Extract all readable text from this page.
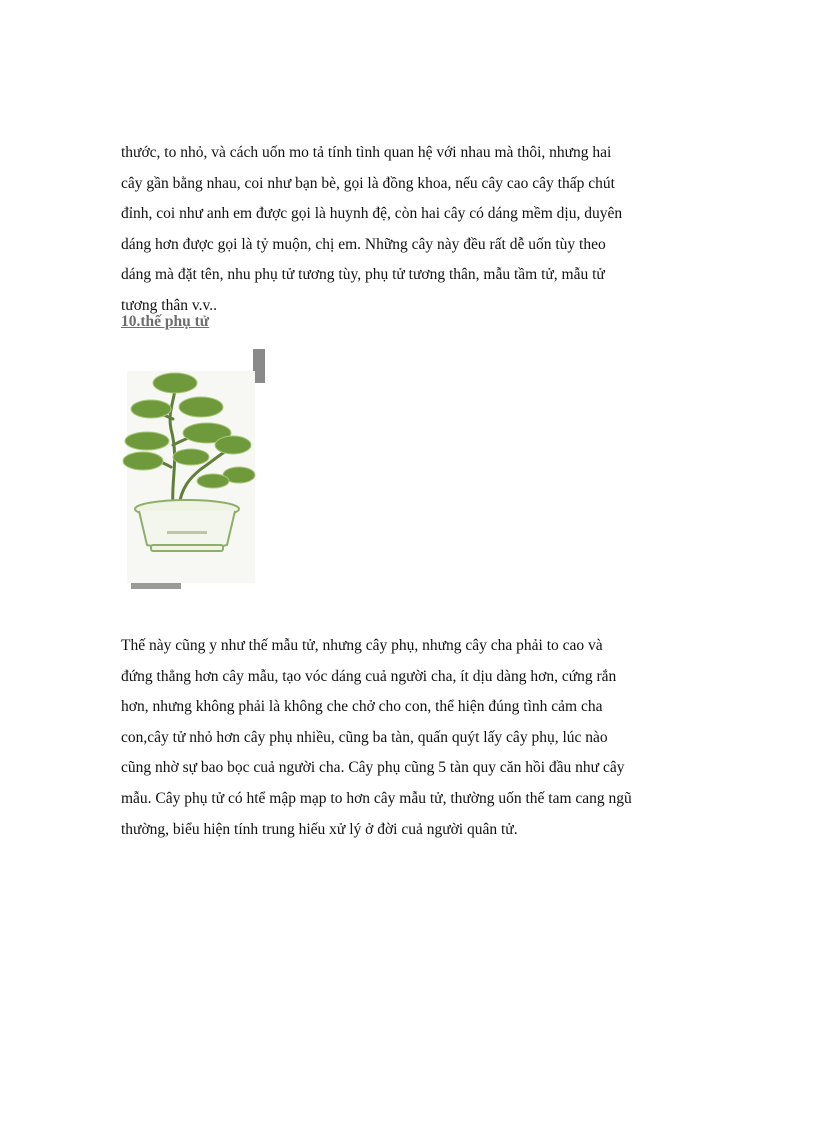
thước, to nhỏ, và cách uốn mo tả tính tình quan hệ với nhau mà thôi, nhưng hai
cây gần bằng nhau, coi như bạn bè, gọi là đồng khoa, nếu cây cao cây thấp chút
đỉnh, coi như anh em được gọi là huynh đệ, còn hai cây có dáng mềm dịu, duyên
dáng hơn được gọi là tỷ muộn, chị em. Những cây này đều rất dễ uốn tùy theo
dáng mà đặt tên, nhu phụ tử tương tùy, phụ tử tương thân, mẫu tầm tử, mẫu tử
tương thân v.v..

10.thế phụ tử

Thế này cũng y như thế mẫu tử, nhưng cây phụ, nhưng cây cha phải to cao và
đứng thẳng hơn cây mẫu, tạo vóc dáng cuả người cha, ít dịu dàng hơn, cứng rắn
hơn, nhưng không phải là không che chở cho con, thể hiện đúng tình cảm cha
con,cây tử nhỏ hơn cây phụ nhiều, cũng ba tàn, quấn quýt lấy cây phụ, lúc nào
cũng nhờ sự bao bọc cuả người cha. Cây phụ cũng 5 tàn quy căn hồi đầu như cây
mẫu. Cây phụ tử có htể mập mạp to hơn cây mẫu tử, thường uốn thế tam cang ngũ
thường, biểu hiện tính trung hiếu xử lý ở đời cuả người quân tử.
